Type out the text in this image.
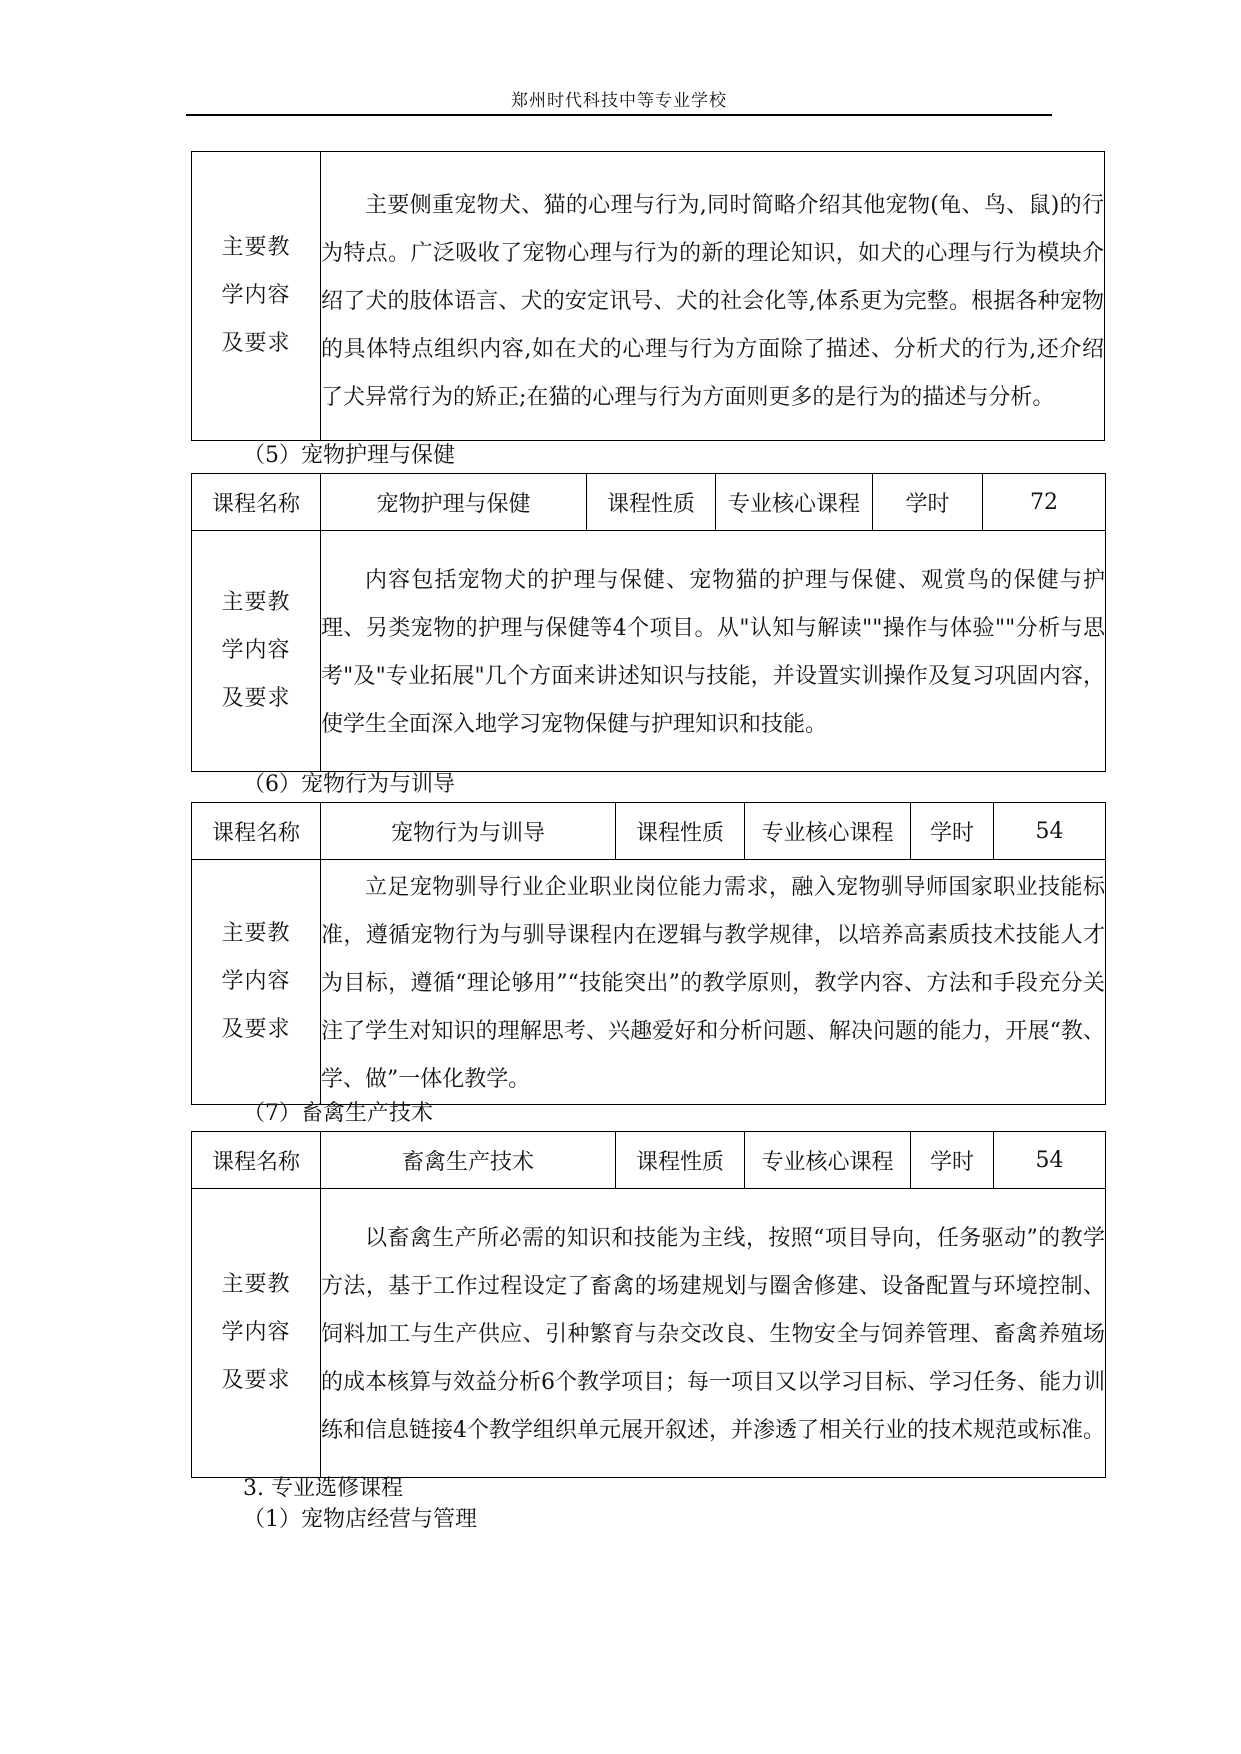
郑州时代科技中等专业学校
主要教
学内容
及要求
	主要侧重宠物犬、猫的心理与行为,同时简略介绍其他宠物(龟、鸟、鼠)的行为特点。广泛吸收了宠物心理与行为的新的理论知识，如犬的心理与行为模块介绍了犬的肢体语言、犬的安定讯号、犬的社会化等,体系更为完整。根据各种宠物的具体特点组织内容,如在犬的心理与行为方面除了描述、分析犬的行为,还介绍了犬异常行为的矫正;在猫的心理与行为方面则更多的是行为的描述与分析。
（5）宠物护理与保健
课程名称	宠物护理与保健	课程性质	专业核心课程	学时	72

主要教
学内容
及要求	内容包括宠物犬的护理与保健、宠物猫的护理与保健、观赏鸟的保健与护理、另类宠物的护理与保健等4个项目。从"认知与解读""操作与体验""分析与思考"及"专业拓展"几个方面来讲述知识与技能，并设置实训操作及复习巩固内容，使学生全面深入地学习宠物保健与护理知识和技能。				
（6）宠物行为与训导
课程名称	宠物行为与训导	课程性质	专业核心课程	学时	54

主要教
学内容
及要求	立足宠物驯导行业企业职业岗位能力需求，融入宠物驯导师国家职业技能标准，遵循宠物行为与驯导课程内在逻辑与教学规律，以培养高素质技术技能人才为目标，遵循“理论够用”“技能突出”的教学原则，教学内容、方法和手段充分关注了学生对知识的理解思考、兴趣爱好和分析问题、解决问题的能力，开展“教、学、做”一体化教学。				
（7）畜禽生产技术
课程名称	畜禽生产技术	课程性质	专业核心课程	学时	54

主要教
学内容
及要求	以畜禽生产所必需的知识和技能为主线，按照“项目导向，任务驱动”的教学方法，基于工作过程设定了畜禽的场建规划与圈舍修建、设备配置与环境控制、饲料加工与生产供应、引种繁育与杂交改良、生物安全与饲养管理、畜禽养殖场的成本核算与效益分析6个教学项目；每一项目又以学习目标、学习任务、能力训练和信息链接4个教学组织单元展开叙述，并渗透了相关行业的技术规范或标准。				
3. 专业选修课程
（1）宠物店经营与管理
